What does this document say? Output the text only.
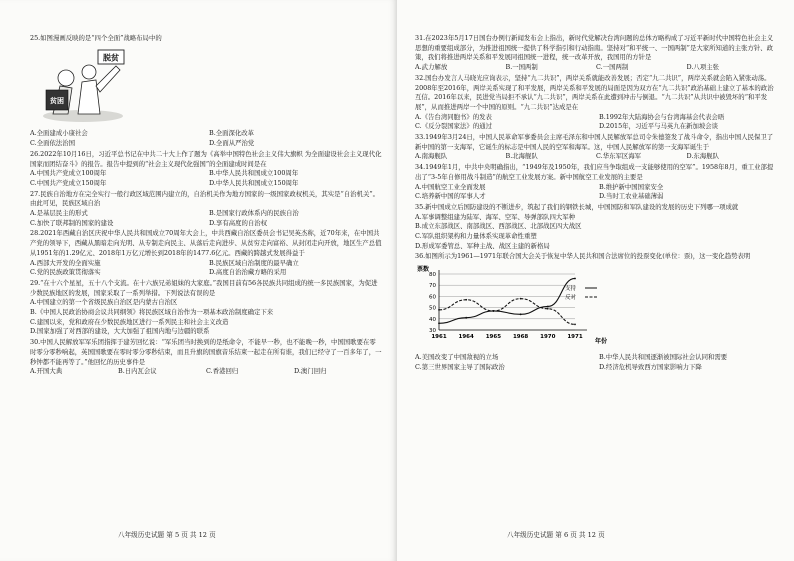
25.如图漫画反映的是“四个全面”战略布局中的
脱贫
贫困
A.全面建成小康社会	B.全面深化改革
C.全面依法治国	D.全面从严治党
26.2022年10月16日，习近平总书记在中共二十大上作了题为《高举中国特色社会主义伟大旗帜 为全面建设社会主义现代化国家而团结奋斗》的报告。报告中提到的“社会主义现代化强国”的全面建成时间是在
A.中国共产党成立100周年	B.中华人民共和国成立100周年
C.中国共产党成立150周年	D.中华人民共和国成立150周年
27.民族自治地方在完全实行一般行政区域范围内建立的，自治机关作为地方国家的一级国家政权机关，其实是“自治机关”。由此可见，民族区域自治
A.是基层民主的形式	B.是国家行政体系内的民族自治
C.加快了联邦制的国家的建设	D.享有高度的自治权
28.2021年西藏自治区庆祝中华人民共和国成立70周年大会上，中共西藏自治区委员会书记吴英杰称，近70年来，在中国共产党的领导下，西藏从黑暗走向光明、从专制走向民主、从落后走向进步、从贫穷走向富裕、从封闭走向开放，地区生产总值从1951年的1.29亿元、2018年1万亿元增长到2018年的1477.6亿元。西藏的跨越式发展得益于
A.西部大开发的全面实施	B.民族区域自治制度的最早确立
C.党的民族政策贯彻落实	D.高度自治治藏方略的采用
29.“在十六个星星，五十八个支流。在十六族兄弟姐妹的大家庭。”我国目前有56各民族共同组成的统一多民族国家，为促进少数民族地区的发展，国家采取了一系列举措。下列说法有误的是
A.中国建立的第一个省级民族自治区是内蒙古自治区
B.《中国人民政治协商会议共同纲领》将民族区域自治作为一项基本政治制度确定下来
C.建国以来，党和政府在少数民族地区进行一系列民主和社会主义改造
D.国家加强了对西部的建设，大大加强了祖国内地与边疆的联系
30.中国人民解放军军乐团指挥于建芳回忆说：“军乐团当时换到的是纸命令，不能早一秒，也不能晚一秒，中国国歌要在零时零分零秒响起，英国国歌要在零时零分零秒结束，而且升旗的国旗音乐结束一起走在所有谁，我们已经守了一百多年了，一秒钟都不能再等了。”他回忆的历史事件是
A.开国大典	B.日内瓦会议	C.香港回归	D.澳门回归
八年级历史试题 第 5 页 共 12 页
31.在2023年5月17日国台办例行新闻发布会上指出，新时代党解决台湾问题的总体方略构成了习近平新时代中国特色社会主义思想的重要组成部分，为推进祖国统一提供了科学指引和行动指南。坚持对“和平统一、一国两制”是大家所知道的主张方针、政策，我们将推进两岸关系和平发展同祖国统一进程，统一改革开放，我国用的方针是
A.武力解放	B.一国两制	C.一国两制	D.八项主张
32.国台办发言人马晓光应询表示，坚持“九二共识”，两岸关系就能改善发展；否定“九二共识”，两岸关系就会陷入紧张动荡。2008年至2016年，两岸关系实现了和平发展，两岸关系和平发展的局面是因为双方在“九二共识”政治基础上建立了基本的政治互信。2016年以来，民进党当局拒不承认“九二共识”，两岸关系在此遭到冲击与倒退。“九二共识”从共识中被毁坏的“和平发展”，从而推进两岸一个中国的原则。“九二共识”达成是在
A.《告台湾同胞书》的发表	B.1992年大陆海协会与台湾海基会代表会晤
C.《反分裂国家法》的通过	D.2015年，习近平与马英九在新加坡会谈
33.1949年3月24日，中国人民革命军事委员会主席毛泽东和中国人民解放军总司令朱德签发了战斗命令，指出中国人民保卫了新中国的第一支海军，它诞生的标志是中国人民的空军和海军。这，中国人民解放军的第一支海军诞生于
A.南海舰队	B.北海舰队	C.华东军区海军	D.东海舰队
34.1949年1月，中共中央明确指出，“1949年及1950年，我们应当争取组成一支能够使用的空军”。1958年8月，重工业部提出了“3-5年自修用战斗制造”的航空工业发展方案。新中国航空工业发展的主要是
A.中国航空工业全面发展	B.维护新中国国家安全
C.培养新中国的军事人才	D.当时工农业基础薄弱
35.新中国成立后国防建设的不断进步，筑起了我们的钢铁长城，中国国防和军队建设的发展的历史下列哪一项成就
A.军事调整组建为陆军、海军、空军、导弹部队四大军种
B.成立东部战区、南部战区、西部战区、北部战区四大战区
C.军队组织架构和力量体系实现革命性重塑
D.形成军委管总、军种主战、战区主建的新格局
36.如图所示为1961—1971年联合国大会关于恢复中华人民共和国合法席位的投票变化(单位：票)，这一变化趋势表明
票数
年份
30
40
50
60
70
80
1961 1964 1965 1968 1970 1971
支持
反对
A.美国改变了中国敌视的立场	B.中华人民共和国逐渐被国际社会认同和需要
C.第三世界国家主导了国际政治	D.经济危机导致西方国家影响力下降
八年级历史试题 第 6 页 共 12 页
